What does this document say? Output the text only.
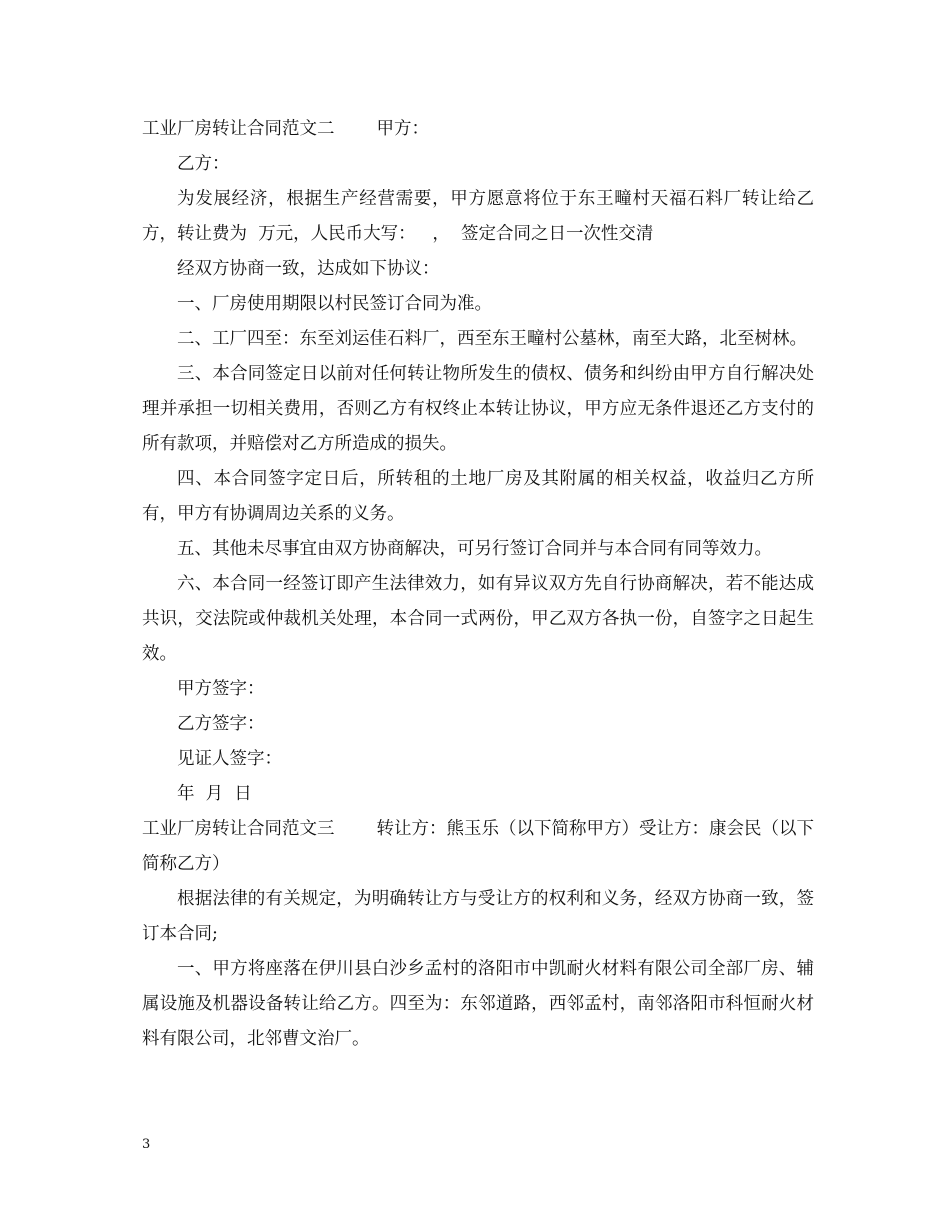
工业厂房转让合同范文二 甲方：

乙方：

为发展经济，根据生产经营需要，甲方愿意将位于东王疃村天福石料厂转让给乙方，转让费为  万元，人民币大写：   ，  签定合同之日一次性交清

经双方协商一致，达成如下协议：

一、厂房使用期限以村民签订合同为准。

二、工厂四至：东至刘运佳石料厂，西至东王疃村公墓林，南至大路，北至树林。

三、本合同签定日以前对任何转让物所发生的债权、债务和纠纷由甲方自行解决处理并承担一切相关费用，否则乙方有权终止本转让协议，甲方应无条件退还乙方支付的所有款项，并赔偿对乙方所造成的损失。

四、本合同签字定日后，所转租的土地厂房及其附属的相关权益，收益归乙方所有，甲方有协调周边关系的义务。

五、其他未尽事宜由双方协商解决，可另行签订合同并与本合同有同等效力。

六、本合同一经签订即产生法律效力，如有异议双方先自行协商解决，若不能达成共识，交法院或仲裁机关处理，本合同一式两份，甲乙双方各执一份，自签字之日起生效。

甲方签字：

乙方签字：

见证人签字：

年  月  日

工业厂房转让合同范文三 转让方：熊玉乐（以下简称甲方）受让方：康会民（以下简称乙方）

根据法律的有关规定，为明确转让方与受让方的权利和义务，经双方协商一致，签订本合同;

一、甲方将座落在伊川县白沙乡孟村的洛阳市中凯耐火材料有限公司全部厂房、辅属设施及机器设备转让给乙方。四至为：东邻道路，西邻孟村，南邻洛阳市科恒耐火材料有限公司，北邻曹文治厂。

3
